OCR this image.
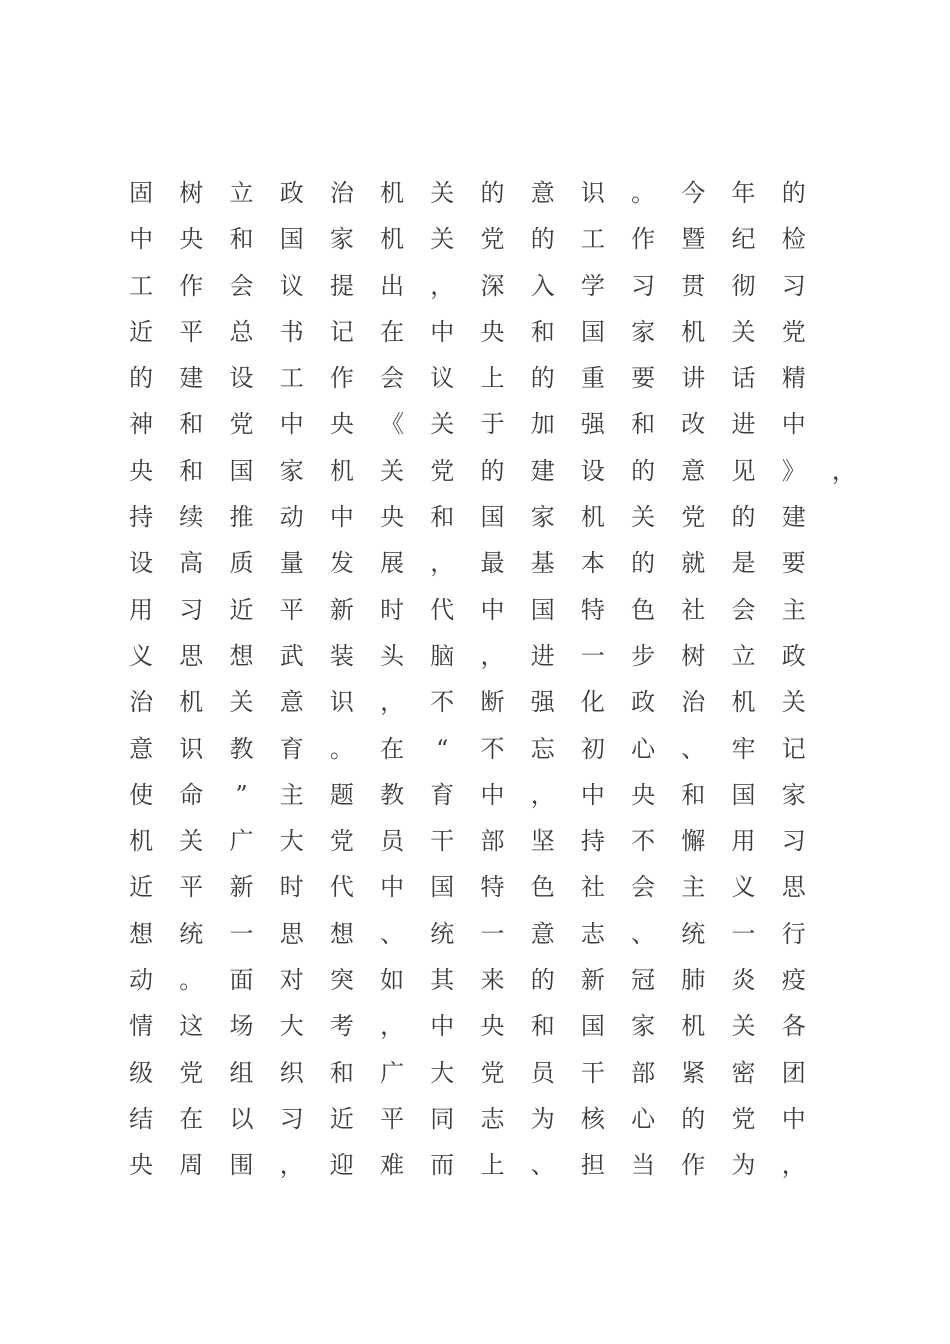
固	树	立	政	治	机	关	的	意	识	。	今	年	的
中	央	和	国	家	机	关	党	的	工	作	暨	纪	检
工	作	会	议	提	出	，	深	入	学	习	贯	彻	习
近	平	总	书	记	在	中	央	和	国	家	机	关	党
的	建	设	工	作	会	议	上	的	重	要	讲	话	精
神	和	党	中	央	《	关	于	加	强	和	改	进	中
央	和	国	家	机	关	党	的	建	设	的	意	见	》	，
持	续	推	动	中	央	和	国	家	机	关	党	的	建
设	高	质	量	发	展	，	最	基	本	的	就	是	要
用	习	近	平	新	时	代	中	国	特	色	社	会	主
义	思	想	武	装	头	脑	，	进	一	步	树	立	政
治	机	关	意	识	，	不	断	强	化	政	治	机	关
意	识	教	育	。	在	“	不	忘	初	心	、	牢	记
使	命	”	主	题	教	育	中	，	中	央	和	国	家
机	关	广	大	党	员	干	部	坚	持	不	懈	用	习
近	平	新	时	代	中	国	特	色	社	会	主	义	思
想	统	一	思	想	、	统	一	意	志	、	统	一	行
动	。	面	对	突	如	其	来	的	新	冠	肺	炎	疫
情	这	场	大	考	，	中	央	和	国	家	机	关	各
级	党	组	织	和	广	大	党	员	干	部	紧	密	团
结	在	以	习	近	平	同	志	为	核	心	的	党	中
央	周	围	，	迎	难	而	上	、	担	当	作	为	，
